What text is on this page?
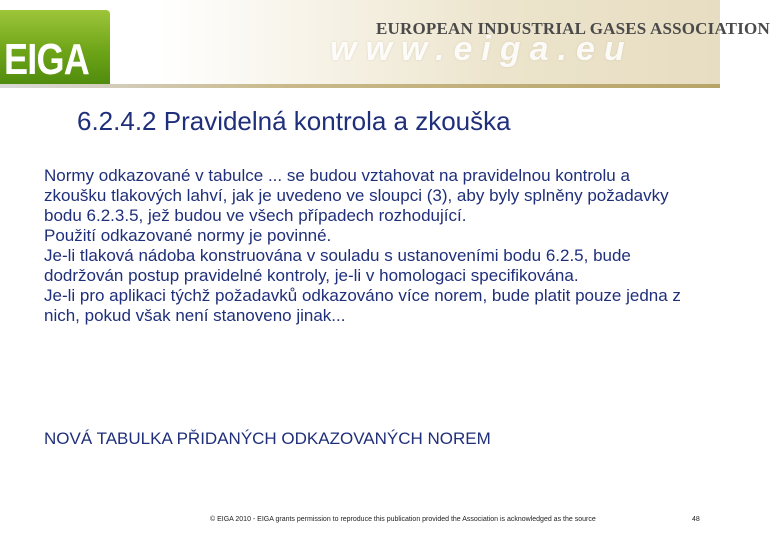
www.eiga.eu
EUROPEAN INDUSTRIAL GASES ASSOCIATION
EIGA
6.2.4.2 Pravidelná kontrola a zkouška

Normy odkazované v tabulce ... se budou vztahovat na pravidelnou kontrolu a zkoušku tlakových lahví, jak je uvedeno ve sloupci (3), aby byly splněny požadavky bodu 6.2.3.5, jež budou ve všech případech rozhodující.

Použití odkazované normy je povinné.

Je-li tlaková nádoba konstruována v souladu s ustanoveními bodu 6.2.5, bude dodržován postup pravidelné kontroly, je-li v homologaci specifikována.

Je-li pro aplikaci týchž požadavků odkazováno více norem, bude platit pouze jedna z nich, pokud však není stanoveno jinak...

NOVÁ TABULKA PŘIDANÝCH ODKAZOVANÝCH NOREM
© EIGA 2010 - EIGA grants permission to reproduce this publication provided the Association is acknowledged as the source	48
